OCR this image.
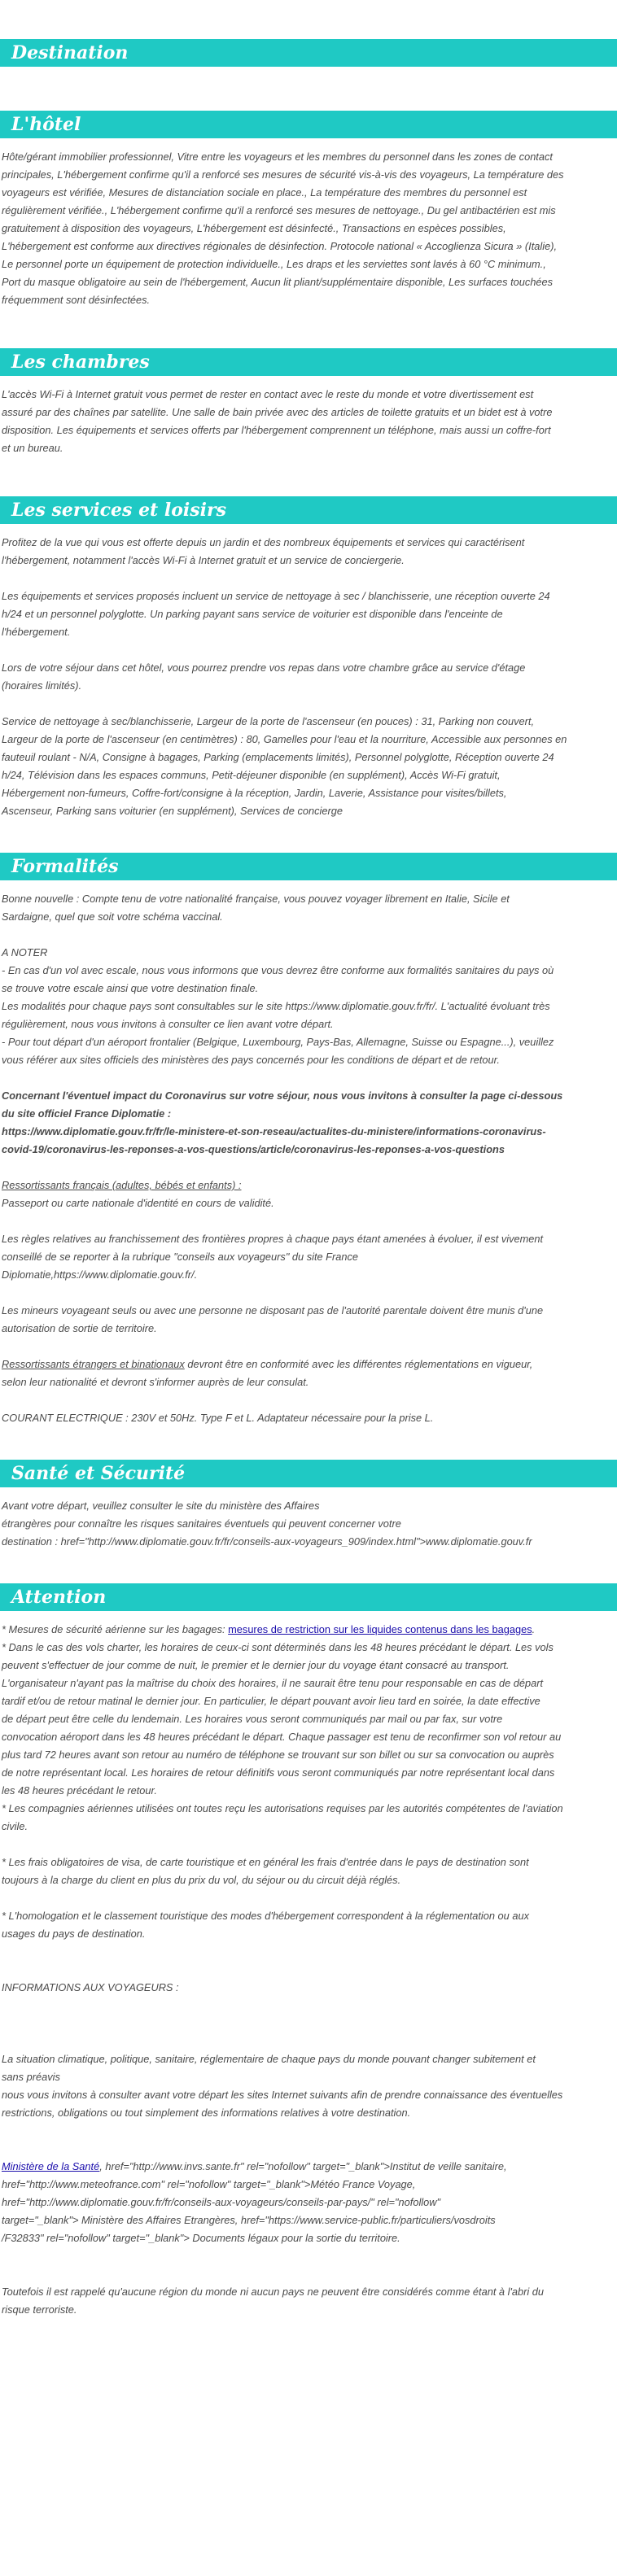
Destination
L'hôtel

Hôte/gérant immobilier professionnel, Vitre entre les voyageurs et les membres du personnel dans les zones de contact

principales, L'hébergement confirme qu'il a renforcé ses mesures de sécurité vis-à-vis des voyageurs, La température des

voyageurs est vérifiée, Mesures de distanciation sociale en place., La température des membres du personnel est

régulièrement vérifiée., L'hébergement confirme qu'il a renforcé ses mesures de nettoyage., Du gel antibactérien est mis

gratuitement à disposition des voyageurs, L'hébergement est désinfecté., Transactions en espèces possibles,

L'hébergement est conforme aux directives régionales de désinfection. Protocole national « Accoglienza Sicura » (Italie),

Le personnel porte un équipement de protection individuelle., Les draps et les serviettes sont lavés à 60 °C minimum.,

Port du masque obligatoire au sein de l'hébergement, Aucun lit pliant/supplémentaire disponible, Les surfaces touchées

fréquemment sont désinfectées.

Les chambres

L'accès Wi-Fi à Internet gratuit vous permet de rester en contact avec le reste du monde et votre divertissement est

assuré par des chaînes par satellite. Une salle de bain privée avec des articles de toilette gratuits et un bidet est à votre

disposition. Les équipements et services offerts par l'hébergement comprennent un téléphone, mais aussi un coffre-fort

et un bureau.

Les services et loisirs

Profitez de la vue qui vous est offerte depuis un jardin et des nombreux équipements et services qui caractérisent

l'hébergement, notamment l'accès Wi-Fi à Internet gratuit et un service de conciergerie.

Les équipements et services proposés incluent un service de nettoyage à sec / blanchisserie, une réception ouverte 24

h/24 et un personnel polyglotte. Un parking payant sans service de voiturier est disponible dans l'enceinte de

l'hébergement.

Lors de votre séjour dans cet hôtel, vous pourrez prendre vos repas dans votre chambre grâce au service d'étage

(horaires limités).

Service de nettoyage à sec/blanchisserie, Largeur de la porte de l'ascenseur (en pouces) : 31, Parking non couvert,

Largeur de la porte de l'ascenseur (en centimètres) : 80, Gamelles pour l'eau et la nourriture, Accessible aux personnes en

fauteuil roulant - N/A, Consigne à bagages, Parking (emplacements limités), Personnel polyglotte, Réception ouverte 24

h/24, Télévision dans les espaces communs, Petit-déjeuner disponible (en supplément), Accès Wi-Fi gratuit,

Hébergement non-fumeurs, Coffre-fort/consigne à la réception, Jardin, Laverie, Assistance pour visites/billets,

Ascenseur, Parking sans voiturier (en supplément), Services de concierge

Formalités

Bonne nouvelle : Compte tenu de votre nationalité française, vous pouvez voyager librement en Italie, Sicile et

Sardaigne, quel que soit votre schéma vaccinal.

A NOTER

- En cas d'un vol avec escale, nous vous informons que vous devrez être conforme aux formalités sanitaires du pays où

se trouve votre escale ainsi que votre destination finale.

Les modalités pour chaque pays sont consultables sur le site https://www.diplomatie.gouv.fr/fr/. L'actualité évoluant très

régulièrement, nous vous invitons à consulter ce lien avant votre départ.

- Pour tout départ d'un aéroport frontalier (Belgique, Luxembourg, Pays-Bas, Allemagne, Suisse ou Espagne...), veuillez

vous référer aux sites officiels des ministères des pays concernés pour les conditions de départ et de retour.

Concernant l'éventuel impact du Coronavirus sur votre séjour, nous vous invitons à consulter la page ci-dessous

du site officiel France Diplomatie :

https://www.diplomatie.gouv.fr/fr/le-ministere-et-son-reseau/actualites-du-ministere/informations-coronavirus-

covid-19/coronavirus-les-reponses-a-vos-questions/article/coronavirus-les-reponses-a-vos-questions

Ressortissants français (adultes, bébés et enfants) :

Passeport ou carte nationale d'identité en cours de validité.

Les règles relatives au franchissement des frontières propres à chaque pays étant amenées à évoluer, il est vivement

conseillé de se reporter à la rubrique "conseils aux voyageurs" du site France

Diplomatie,https://www.diplomatie.gouv.fr/.

Les mineurs voyageant seuls ou avec une personne ne disposant pas de l'autorité parentale doivent être munis d'une

autorisation de sortie de territoire.

Ressortissants étrangers et binationaux devront être en conformité avec les différentes réglementations en vigueur,

selon leur nationalité et devront s'informer auprès de leur consulat.

COURANT ELECTRIQUE : 230V et 50Hz. Type F et L. Adaptateur nécessaire pour la prise L.

Santé et Sécurité

Avant votre départ, veuillez consulter le site du ministère des Affaires

étrangères pour connaître les risques sanitaires éventuels qui peuvent concerner votre

destination : href="http://www.diplomatie.gouv.fr/fr/conseils-aux-voyageurs_909/index.html">www.diplomatie.gouv.fr

Attention

* Mesures de sécurité aérienne sur les bagages: mesures de restriction sur les liquides contenus dans les bagages.

* Dans le cas des vols charter, les horaires de ceux-ci sont déterminés dans les 48 heures précédant le départ. Les vols

peuvent s'effectuer de jour comme de nuit, le premier et le dernier jour du voyage étant consacré au transport.

L'organisateur n'ayant pas la maîtrise du choix des horaires, il ne saurait être tenu pour responsable en cas de départ

tardif et/ou de retour matinal le dernier jour. En particulier, le départ pouvant avoir lieu tard en soirée, la date effective

de départ peut être celle du lendemain. Les horaires vous seront communiqués par mail ou par fax, sur votre

convocation aéroport dans les 48 heures précédant le départ. Chaque passager est tenu de reconfirmer son vol retour au

plus tard 72 heures avant son retour au numéro de téléphone se trouvant sur son billet ou sur sa convocation ou auprès

de notre représentant local. Les horaires de retour définitifs vous seront communiqués par notre représentant local dans

les 48 heures précédant le retour.

* Les compagnies aériennes utilisées ont toutes reçu les autorisations requises par les autorités compétentes de l'aviation

civile.

* Les frais obligatoires de visa, de carte touristique et en général les frais d'entrée dans le pays de destination sont

toujours à la charge du client en plus du prix du vol, du séjour ou du circuit déjà réglés.

* L'homologation et le classement touristique des modes d'hébergement correspondent à la réglementation ou aux

usages du pays de destination.

INFORMATIONS AUX VOYAGEURS :

La situation climatique, politique, sanitaire, réglementaire de chaque pays du monde pouvant changer subitement et

sans préavis

nous vous invitons à consulter avant votre départ les sites Internet suivants afin de prendre connaissance des éventuelles

restrictions, obligations ou tout simplement des informations relatives à votre destination.

Ministère de la Santé, href="http://www.invs.sante.fr" rel="nofollow" target="_blank">Institut de veille sanitaire,

href="http://www.meteofrance.com" rel="nofollow" target="_blank">Météo France Voyage,

href="http://www.diplomatie.gouv.fr/fr/conseils-aux-voyageurs/conseils-par-pays/" rel="nofollow"

target="_blank"> Ministère des Affaires Etrangères, href="https://www.service-public.fr/particuliers/vosdroits

/F32833" rel="nofollow" target="_blank"> Documents légaux pour la sortie du territoire.

Toutefois il est rappelé qu'aucune région du monde ni aucun pays ne peuvent être considérés comme étant à l'abri du

risque terroriste.
